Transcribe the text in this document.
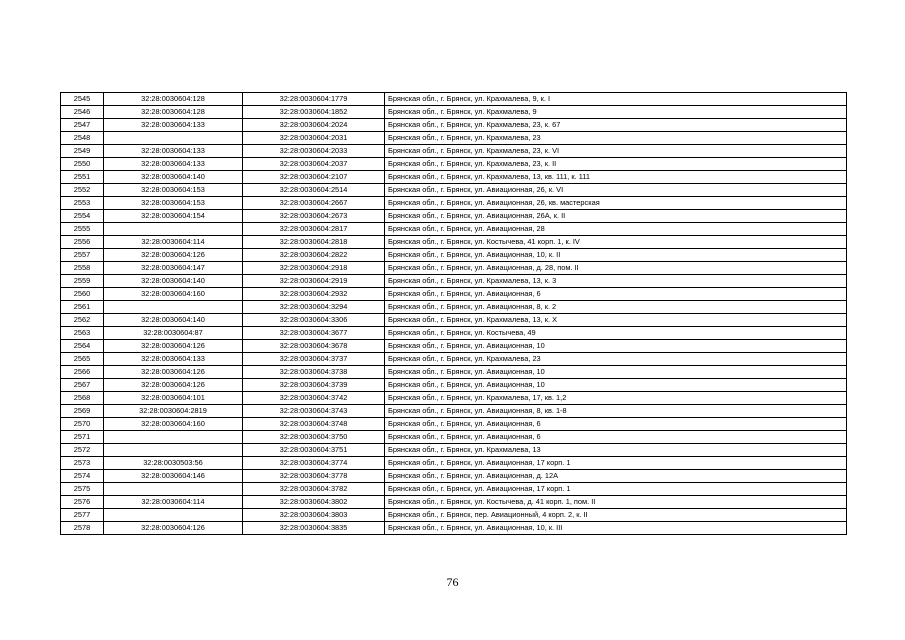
2545	32:28:0030604:128	32:28:0030604:1779	Брянская обл., г. Брянск, ул. Крахмалева, 9, к. I
2546	32:28:0030604:128	32:28:0030604:1852	Брянская обл., г. Брянск, ул. Крахмалева, 9
2547	32:28:0030604:133	32:28:0030604:2024	Брянская обл., г. Брянск, ул. Крахмалева, 23, к. 67
2548		32:28:0030604:2031	Брянская обл., г. Брянск, ул. Крахмалева, 23
2549	32:28:0030604:133	32:28:0030604:2033	Брянская обл., г. Брянск, ул. Крахмалева, 23, к. VI
2550	32:28:0030604:133	32:28:0030604:2037	Брянская обл., г. Брянск, ул. Крахмалева, 23, к. II
2551	32:28:0030604:140	32:28:0030604:2107	Брянская обл., г. Брянск, ул. Крахмалева, 13, кв. 111, к. 111
2552	32:28:0030604:153	32:28:0030604:2514	Брянская обл., г. Брянск, ул. Авиационная, 26, к. VI
2553	32:28:0030604:153	32:28:0030604:2667	Брянская обл., г. Брянск, ул. Авиационная, 26, кв. мастерская
2554	32:28:0030604:154	32:28:0030604:2673	Брянская обл., г. Брянск, ул. Авиационная, 26А, к. II
2555		32:28:0030604:2817	Брянская обл., г. Брянск, ул. Авиационная, 28
2556	32:28:0030604:114	32:28:0030604:2818	Брянская обл., г. Брянск, ул. Костычева, 41 корп. 1, к. IV
2557	32:28:0030604:126	32:28:0030604:2822	Брянская обл., г. Брянск, ул. Авиационная, 10, к. II
2558	32:28:0030604:147	32:28:0030604:2918	Брянская обл., г. Брянск, ул. Авиационная, д. 28, пом. II
2559	32:28:0030604:140	32:28:0030604:2919	Брянская обл., г. Брянск, ул. Крахмалева, 13, к. 3
2560	32:28:0030604:160	32:28:0030604:2932	Брянская обл., г. Брянск, ул. Авиационная, 6
2561		32:28:0030604:3294	Брянская обл., г. Брянск, ул. Авиационная, 8, к. 2
2562	32:28:0030604:140	32:28:0030604:3306	Брянская обл., г. Брянск, ул. Крахмалева, 13, к. X
2563	32:28:0030604:87	32:28:0030604:3677	Брянская обл., г. Брянск, ул. Костычева, 49
2564	32:28:0030604:126	32:28:0030604:3678	Брянская обл., г. Брянск, ул. Авиационная, 10
2565	32:28:0030604:133	32:28:0030604:3737	Брянская обл., г. Брянск, ул. Крахмалева, 23
2566	32:28:0030604:126	32:28:0030604:3738	Брянская обл., г. Брянск, ул. Авиационная, 10
2567	32:28:0030604:126	32:28:0030604:3739	Брянская обл., г. Брянск, ул. Авиационная, 10
2568	32:28:0030604:101	32:28:0030604:3742	Брянская обл., г. Брянск, ул. Крахмалева, 17, кв. 1,2
2569	32:28:0030604:2819	32:28:0030604:3743	Брянская обл., г. Брянск, ул. Авиационная, 8, кв. 1-8
2570	32:28:0030604:160	32:28:0030604:3748	Брянская обл., г. Брянск, ул. Авиационная, 6
2571		32:28:0030604:3750	Брянская обл., г. Брянск, ул. Авиационная, 6
2572		32:28:0030604:3751	Брянская обл., г. Брянск, ул. Крахмалева, 13
2573	32:28:0030503:56	32:28:0030604:3774	Брянская обл., г. Брянск, ул. Авиационная, 17 корп. 1
2574	32:28:0030604:146	32:28:0030604:3778	Брянская обл., г. Брянск, ул. Авиационная, д. 12А
2575		32:28:0030604:3782	Брянская обл., г. Брянск, ул. Авиационная, 17 корп. 1
2576	32:28:0030604:114	32:28:0030604:3802	Брянская обл., г. Брянск, ул. Костычева, д. 41 корп. 1, пом. II
2577		32:28:0030604:3803	Брянская обл., г. Брянск, пер. Авиационный, 4 корп. 2, к. II
2578	32:28:0030604:126	32:28:0030604:3835	Брянская обл., г. Брянск, ул. Авиационная, 10, к. III
76
